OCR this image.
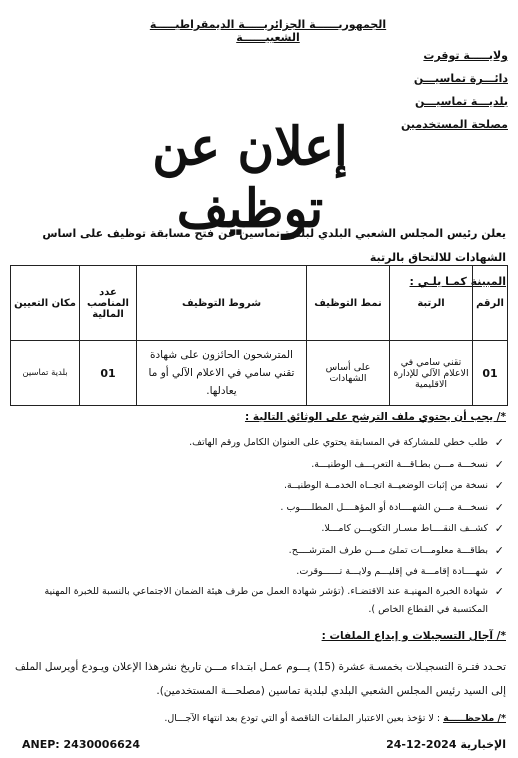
الجمهوريــــــة الجزائريـــــة الديمقراطيـــــة الشعبيــــــة
ولايـــــة توقرت
دائـــرة تماسيـــن
بلديـــة تماسيـــن
مصلحة المستخدمين
إعلان عن توظيف
يعلن رئيس المجلس الشعبي البلدي لبلدية تماسين عن فتح مسابقة توظيف على اساس الشهادات للالتحاق بالرتبة
المبينة كمـا يلـي :
الرقم	الرتبة	نمط التوظيف	شروط التوظيف	عدد المناصب المالية	مكان التعيين
01	تقني سامي في الاعلام الآلي للإدارة الاقليمية	على أساس الشهادات	المترشحون الحائزون على شهادة تقني سامي في الاعلام الآلي أو ما يعادلها.	01	بلدية تماسين
*/ يجب أن يحتوي ملف الترشح على الوثائق التالية :
✓
طلب خطي للمشاركة في المسابقة يحتوي على العنوان الكامل ورقم الهاتف.
✓
نسخـــة مـــن بطـاقـــة التعريـــف الوطنيـــة.
✓
نسخة من إثبات الوضعيــة اتجــاه الخدمــة الوطنيــة.
✓
نسخـــة مـــن الشهــــادة أو المؤهــــل المطلــــوب .
✓
كشــف النقــــاط مسـار التكويـــن كامـــلا.
✓
بطاقـــة معلومـــات تملئ مـــن طرف المترشــــح.
✓
شهــــادة إقامـــة في إقليـــم ولايـــة تــــــوقرت.
✓
شهادة الخبرة المهنيـة عند الاقتضـاء. (تؤشر شهادة العمل من طرف هيئة الضمان الاجتماعي بالنسبة للخبرة المهنية المكتسبة في القطاع الخاص ).
*/ آجال التسجيلات و إيداع الملفات :
تحـدد فتـرة التسجيـلات بخمسـة عشرة (15) يـــوم عمـل ابتـداء مـــن تاريخ نشرهذا الإعلان ويـودع أويرسل الملف إلى السيد رئيس المجلس الشعبي البلدي لبلدية تماسين (مصلحـــة المستخدمين).
*/ ملاحظـــــة : لا تؤخذ بعين الاعتبار الملفات الناقصة أو التي تودع بعد انتهاء الآجـــال.
ANEP: 2430006624	الإخبارية 24-12-2024
